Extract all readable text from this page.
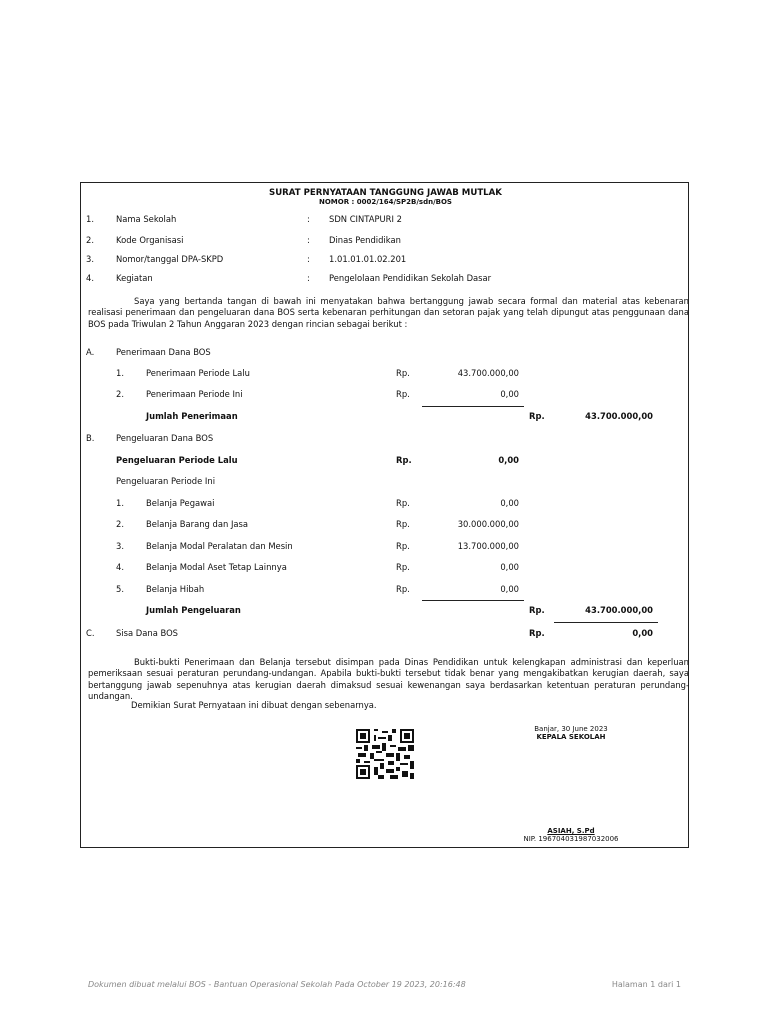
SURAT PERNYATAAN TANGGUNG JAWAB MUTLAK
NOMOR : 0002/164/SP2B/sdn/BOS
1.	Nama Sekolah	: SDN CINTAPURI 2
2.	Kode Organisasi	: Dinas Pendidikan
3.	Nomor/tanggal DPA-SKPD	: 1.01.01.01.02.201
4.	Kegiatan	: Pengelolaan Pendidikan Sekolah Dasar

Saya yang bertanda tangan di bawah ini menyatakan bahwa bertanggung jawab secara formal dan material atas kebenaran realisasi penerimaan dan pengeluaran dana BOS serta kebenaran perhitungan dan setoran pajak yang telah dipungut atas penggunaan dana BOS pada Triwulan 2 Tahun Anggaran 2023 dengan rincian sebagai berikut :

A.	Penerimaan Dana BOS
1.	Penerimaan Periode Lalu	Rp.	43.700.000,00
2.	Penerimaan Periode Ini	Rp.	0,00
Jumlah Penerimaan	Rp.	43.700.000,00
B.	Pengeluaran Dana BOS
Pengeluaran Periode Lalu	Rp.	0,00
Pengeluaran Periode Ini
1.	Belanja Pegawai	Rp.	0,00
2.	Belanja Barang dan Jasa	Rp.	30.000.000,00
3.	Belanja Modal Peralatan dan Mesin	Rp.	13.700.000,00
4.	Belanja Modal Aset Tetap Lainnya	Rp.	0,00
5.	Belanja Hibah	Rp.	0,00
Jumlah Pengeluaran	Rp.	43.700.000,00
C.	Sisa Dana BOS	Rp.	0,00

Bukti-bukti Penerimaan dan Belanja tersebut disimpan pada Dinas Pendidikan untuk kelengkapan administrasi dan keperluan pemeriksaan sesuai peraturan perundang-undangan. Apabila bukti-bukti tersebut tidak benar yang mengakibatkan kerugian daerah, saya bertanggung jawab sepenuhnya atas kerugian daerah dimaksud sesuai kewenangan saya berdasarkan ketentuan peraturan perundang-undangan.

Demikian Surat Pernyataan ini dibuat dengan sebenarnya.
Banjar, 30 June 2023
KEPALA SEKOLAH
ASIAH, S.Pd
NIP. 196704031987032006
Dokumen dibuat melalui BOS - Bantuan Operasional Sekolah Pada October 19 2023, 20:16:48	Halaman 1 dari 1
